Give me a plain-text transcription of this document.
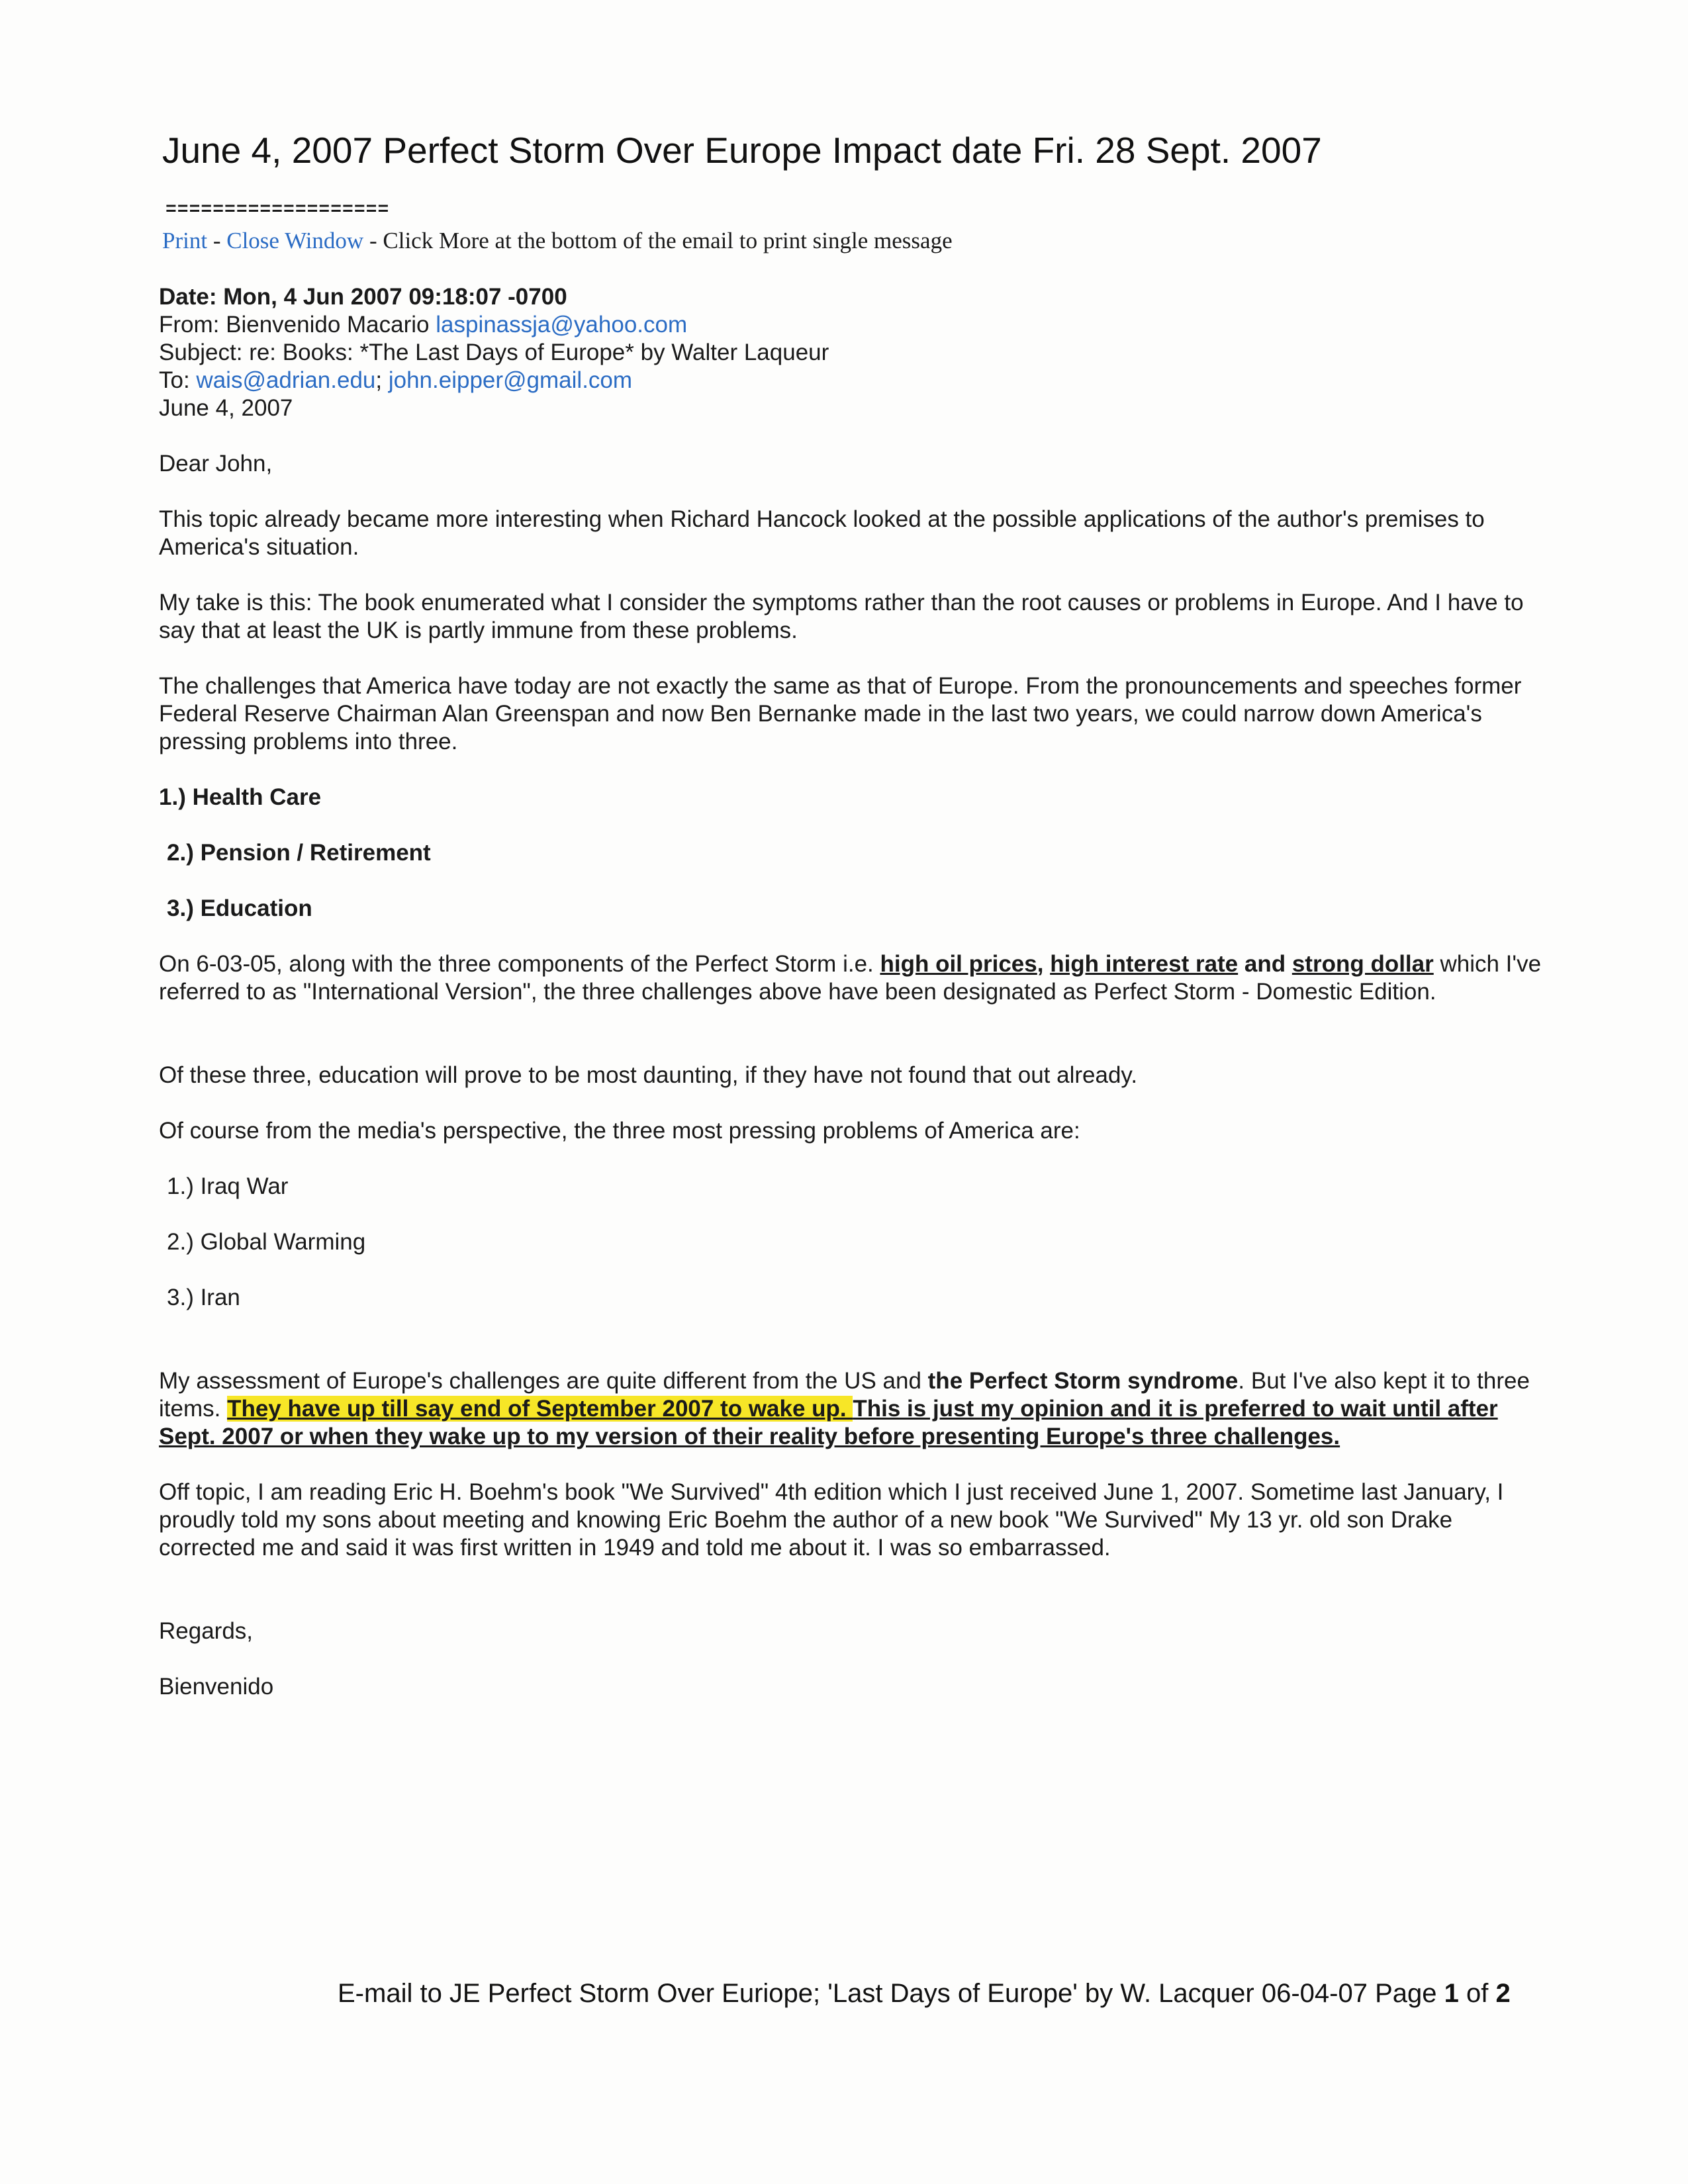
June 4, 2007 Perfect Storm Over Europe Impact date Fri. 28 Sept. 2007
===================
Print - Close Window - Click More at the bottom of the email to print single message
Date: Mon, 4 Jun 2007 09:18:07 -0700
From: Bienvenido Macario laspinassja@yahoo.com
Subject: re: Books: *The Last Days of Europe* by Walter Laqueur
To: wais@adrian.edu; john.eipper@gmail.com
June 4, 2007

Dear John,

This topic already became more interesting when Richard Hancock looked at the possible applications of the author's premises to America's situation.

My take is this: The book enumerated what I consider the symptoms rather than the root causes or problems in Europe. And I have to say that at least the UK is partly immune from these problems.

The challenges that America have today are not exactly the same as that of Europe. From the pronouncements and speeches former Federal Reserve Chairman Alan Greenspan and now Ben Bernanke made in the last two years, we could narrow down America's pressing problems into three.

1.) Health Care

2.) Pension / Retirement

3.) Education

On 6-03-05, along with the three components of the Perfect Storm i.e. high oil prices, high interest rate and strong dollar which I've referred to as "International Version", the three challenges above have been designated as Perfect Storm - Domestic Edition.

Of these three, education will prove to be most daunting, if they have not found that out already.

Of course from the media's perspective, the three most pressing problems of America are:

1.) Iraq War

2.) Global Warming

3.) Iran

My assessment of Europe's challenges are quite different from the US and the Perfect Storm syndrome. But I've also kept it to three items. They have up till say end of September 2007 to wake up. This is just my opinion and it is preferred to wait until after Sept. 2007 or when they wake up to my version of their reality before presenting Europe's three challenges.

Off topic, I am reading Eric H. Boehm's book "We Survived" 4th edition which I just received June 1, 2007. Sometime last January, I proudly told my sons about meeting and knowing Eric Boehm the author of a new book "We Survived" My 13 yr. old son Drake corrected me and said it was first written in 1949 and told me about it. I was so embarrassed.

Regards,

Bienvenido

E-mail to JE Perfect Storm Over Euriope; 'Last Days of Europe' by W. Lacquer 06-04-07 Page 1 of 2
